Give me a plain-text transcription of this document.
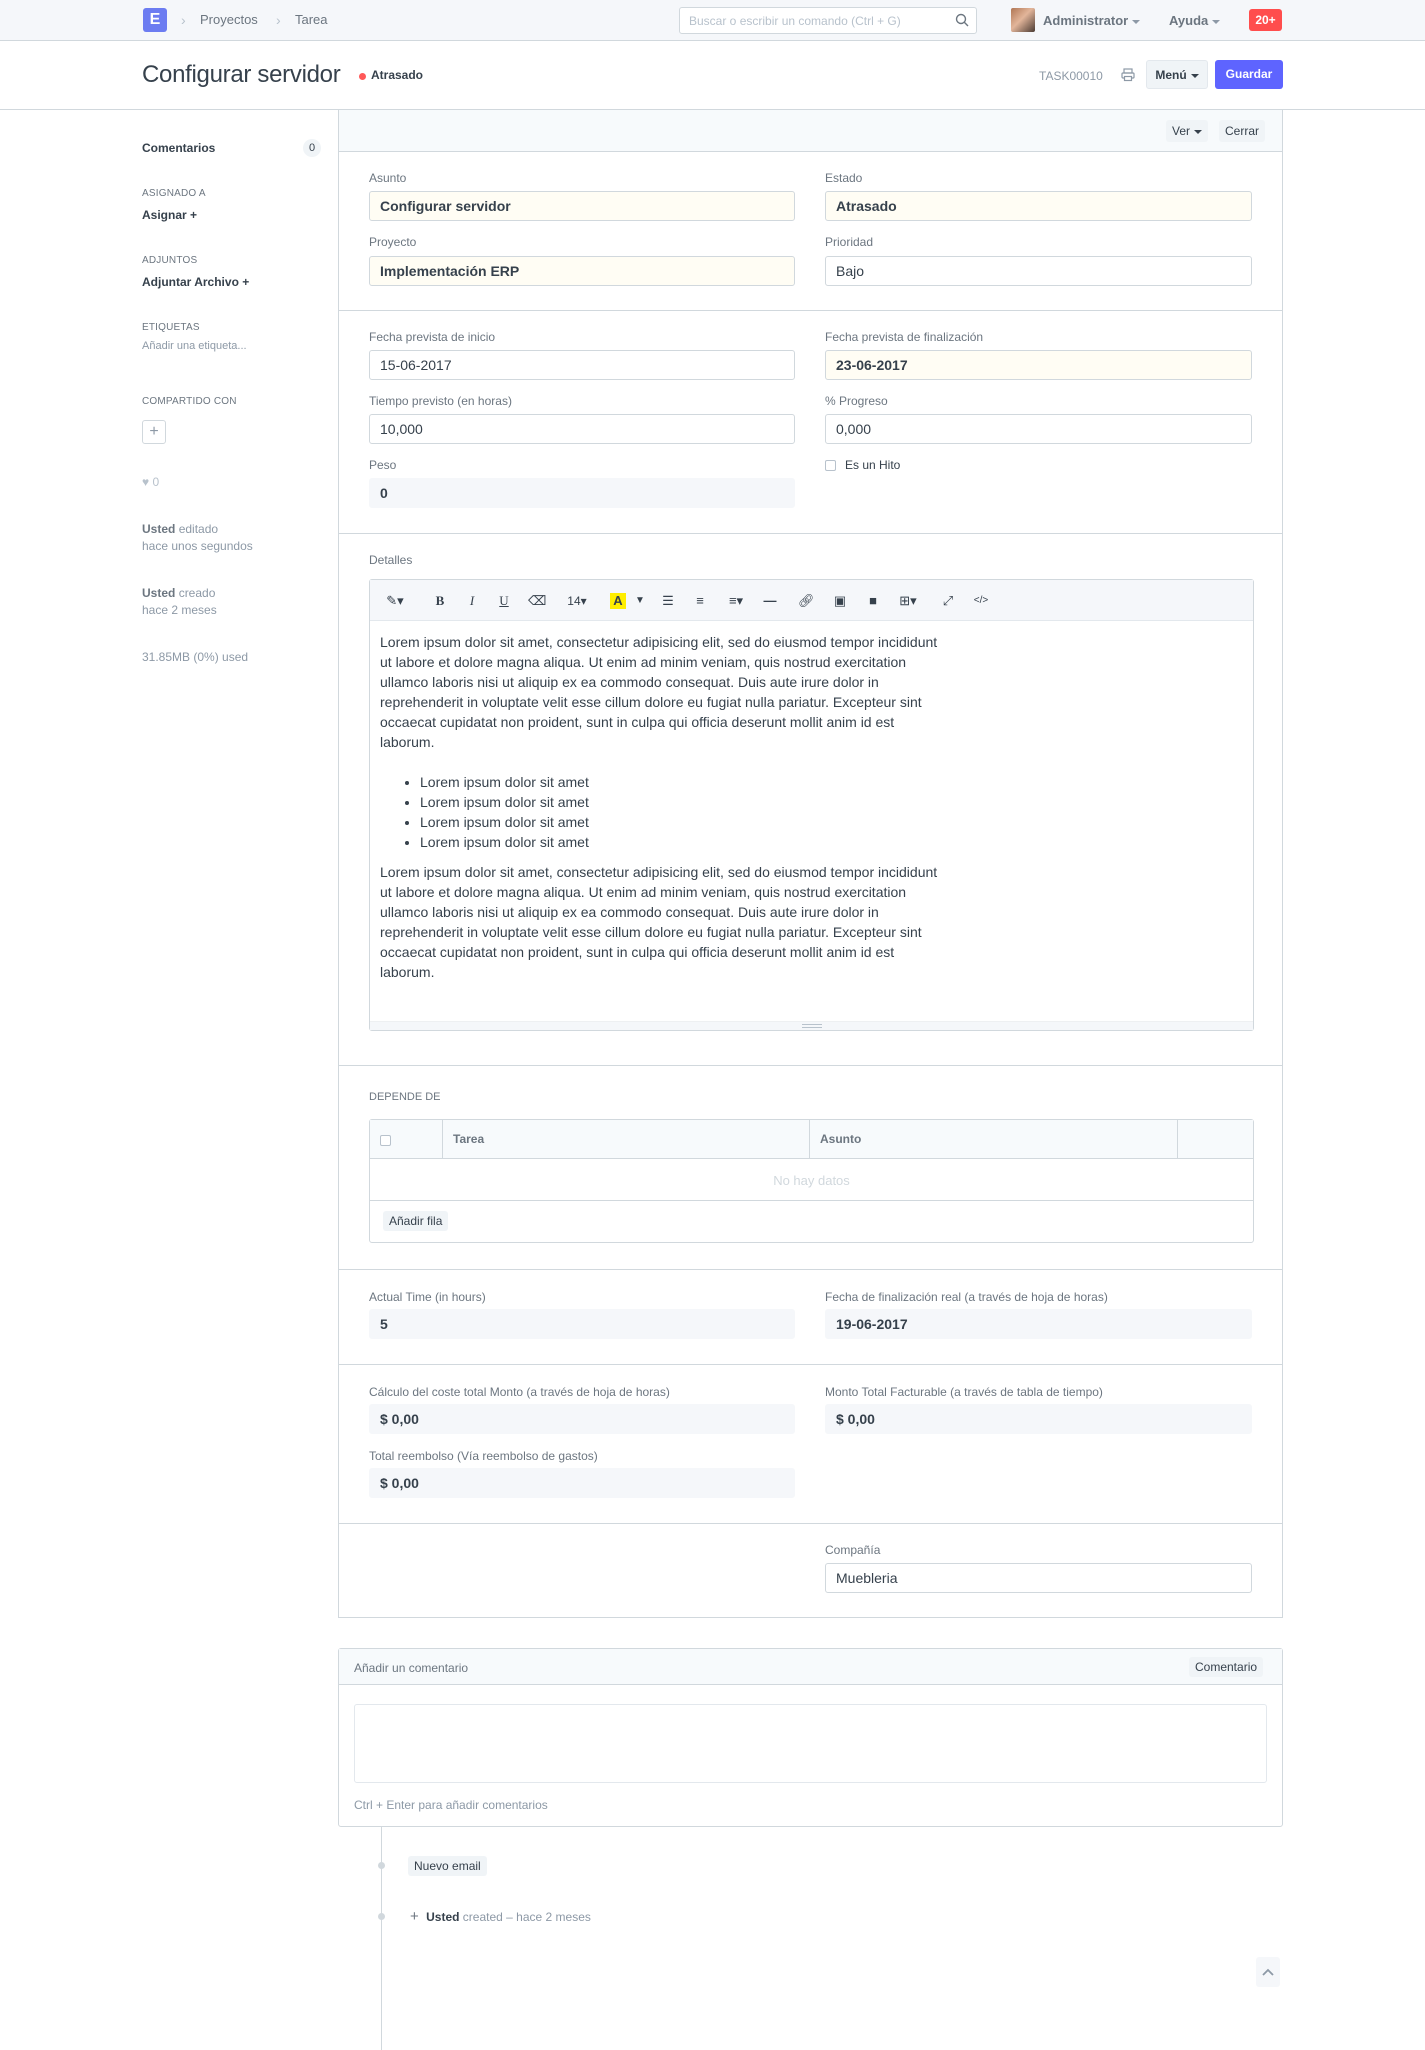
E	› Proyectos › Tarea	Buscar o escribir un comando (Ctrl + G)	Administrator	Ayuda	20+
Configurar servidor	Atrasado	TASK00010	Menú	Guardar
Comentarios	0
ASIGNADO A
Asignar +
ADJUNTOS
Adjuntar Archivo +
ETIQUETAS
Añadir una etiqueta...
COMPARTIDO CON
+
♥ 0
Usted editado
hace unos segundos
Usted creado
hace 2 meses
31.85MB (0%) used
Ver	Cerrar
Asunto
Configurar servidor
Estado
Atrasado
Proyecto
Implementación ERP
Prioridad
Bajo
Fecha prevista de inicio
15-06-2017
Fecha prevista de finalización
23-06-2017
Tiempo previsto (en horas)
10,000
% Progreso
0,000
Peso
0
Es un Hito
Detalles
✎▾	B	I	U ⌫	14▾	A	▼ ☰	≡	≡▾	— 🔗︎ ▣	■	⊞▾	⤢ </>

Lorem ipsum dolor sit amet, consectetur adipisicing elit, sed do eiusmod tempor incididunt ut labore et dolore magna aliqua. Ut enim ad minim veniam, quis nostrud exercitation ullamco laboris nisi ut aliquip ex ea commodo consequat. Duis aute irure dolor in reprehenderit in voluptate velit esse cillum dolore eu fugiat nulla pariatur. Excepteur sint occaecat cupidatat non proident, sunt in culpa qui officia deserunt mollit anim id est laborum.

• Lorem ipsum dolor sit amet
• Lorem ipsum dolor sit amet
• Lorem ipsum dolor sit amet
• Lorem ipsum dolor sit amet

Lorem ipsum dolor sit amet, consectetur adipisicing elit, sed do eiusmod tempor incididunt ut labore et dolore magna aliqua. Ut enim ad minim veniam, quis nostrud exercitation ullamco laboris nisi ut aliquip ex ea commodo consequat. Duis aute irure dolor in reprehenderit in voluptate velit esse cillum dolore eu fugiat nulla pariatur. Excepteur sint occaecat cupidatat non proident, sunt in culpa qui officia deserunt mollit anim id est laborum.

DEPENDE DE
Tarea	Asunto
No hay datos
Añadir fila
Actual Time (in hours)
5
Fecha de finalización real (a través de hoja de horas)
19-06-2017
Cálculo del coste total Monto (a través de hoja de horas)
$ 0,00
Monto Total Facturable (a través de tabla de tiempo)
$ 0,00
Total reembolso (Vía reembolso de gastos)
$ 0,00
Compañía
Muebleria
Añadir un comentario	Comentario
Ctrl + Enter para añadir comentarios
Nuevo email
+ Usted created – hace 2 meses
